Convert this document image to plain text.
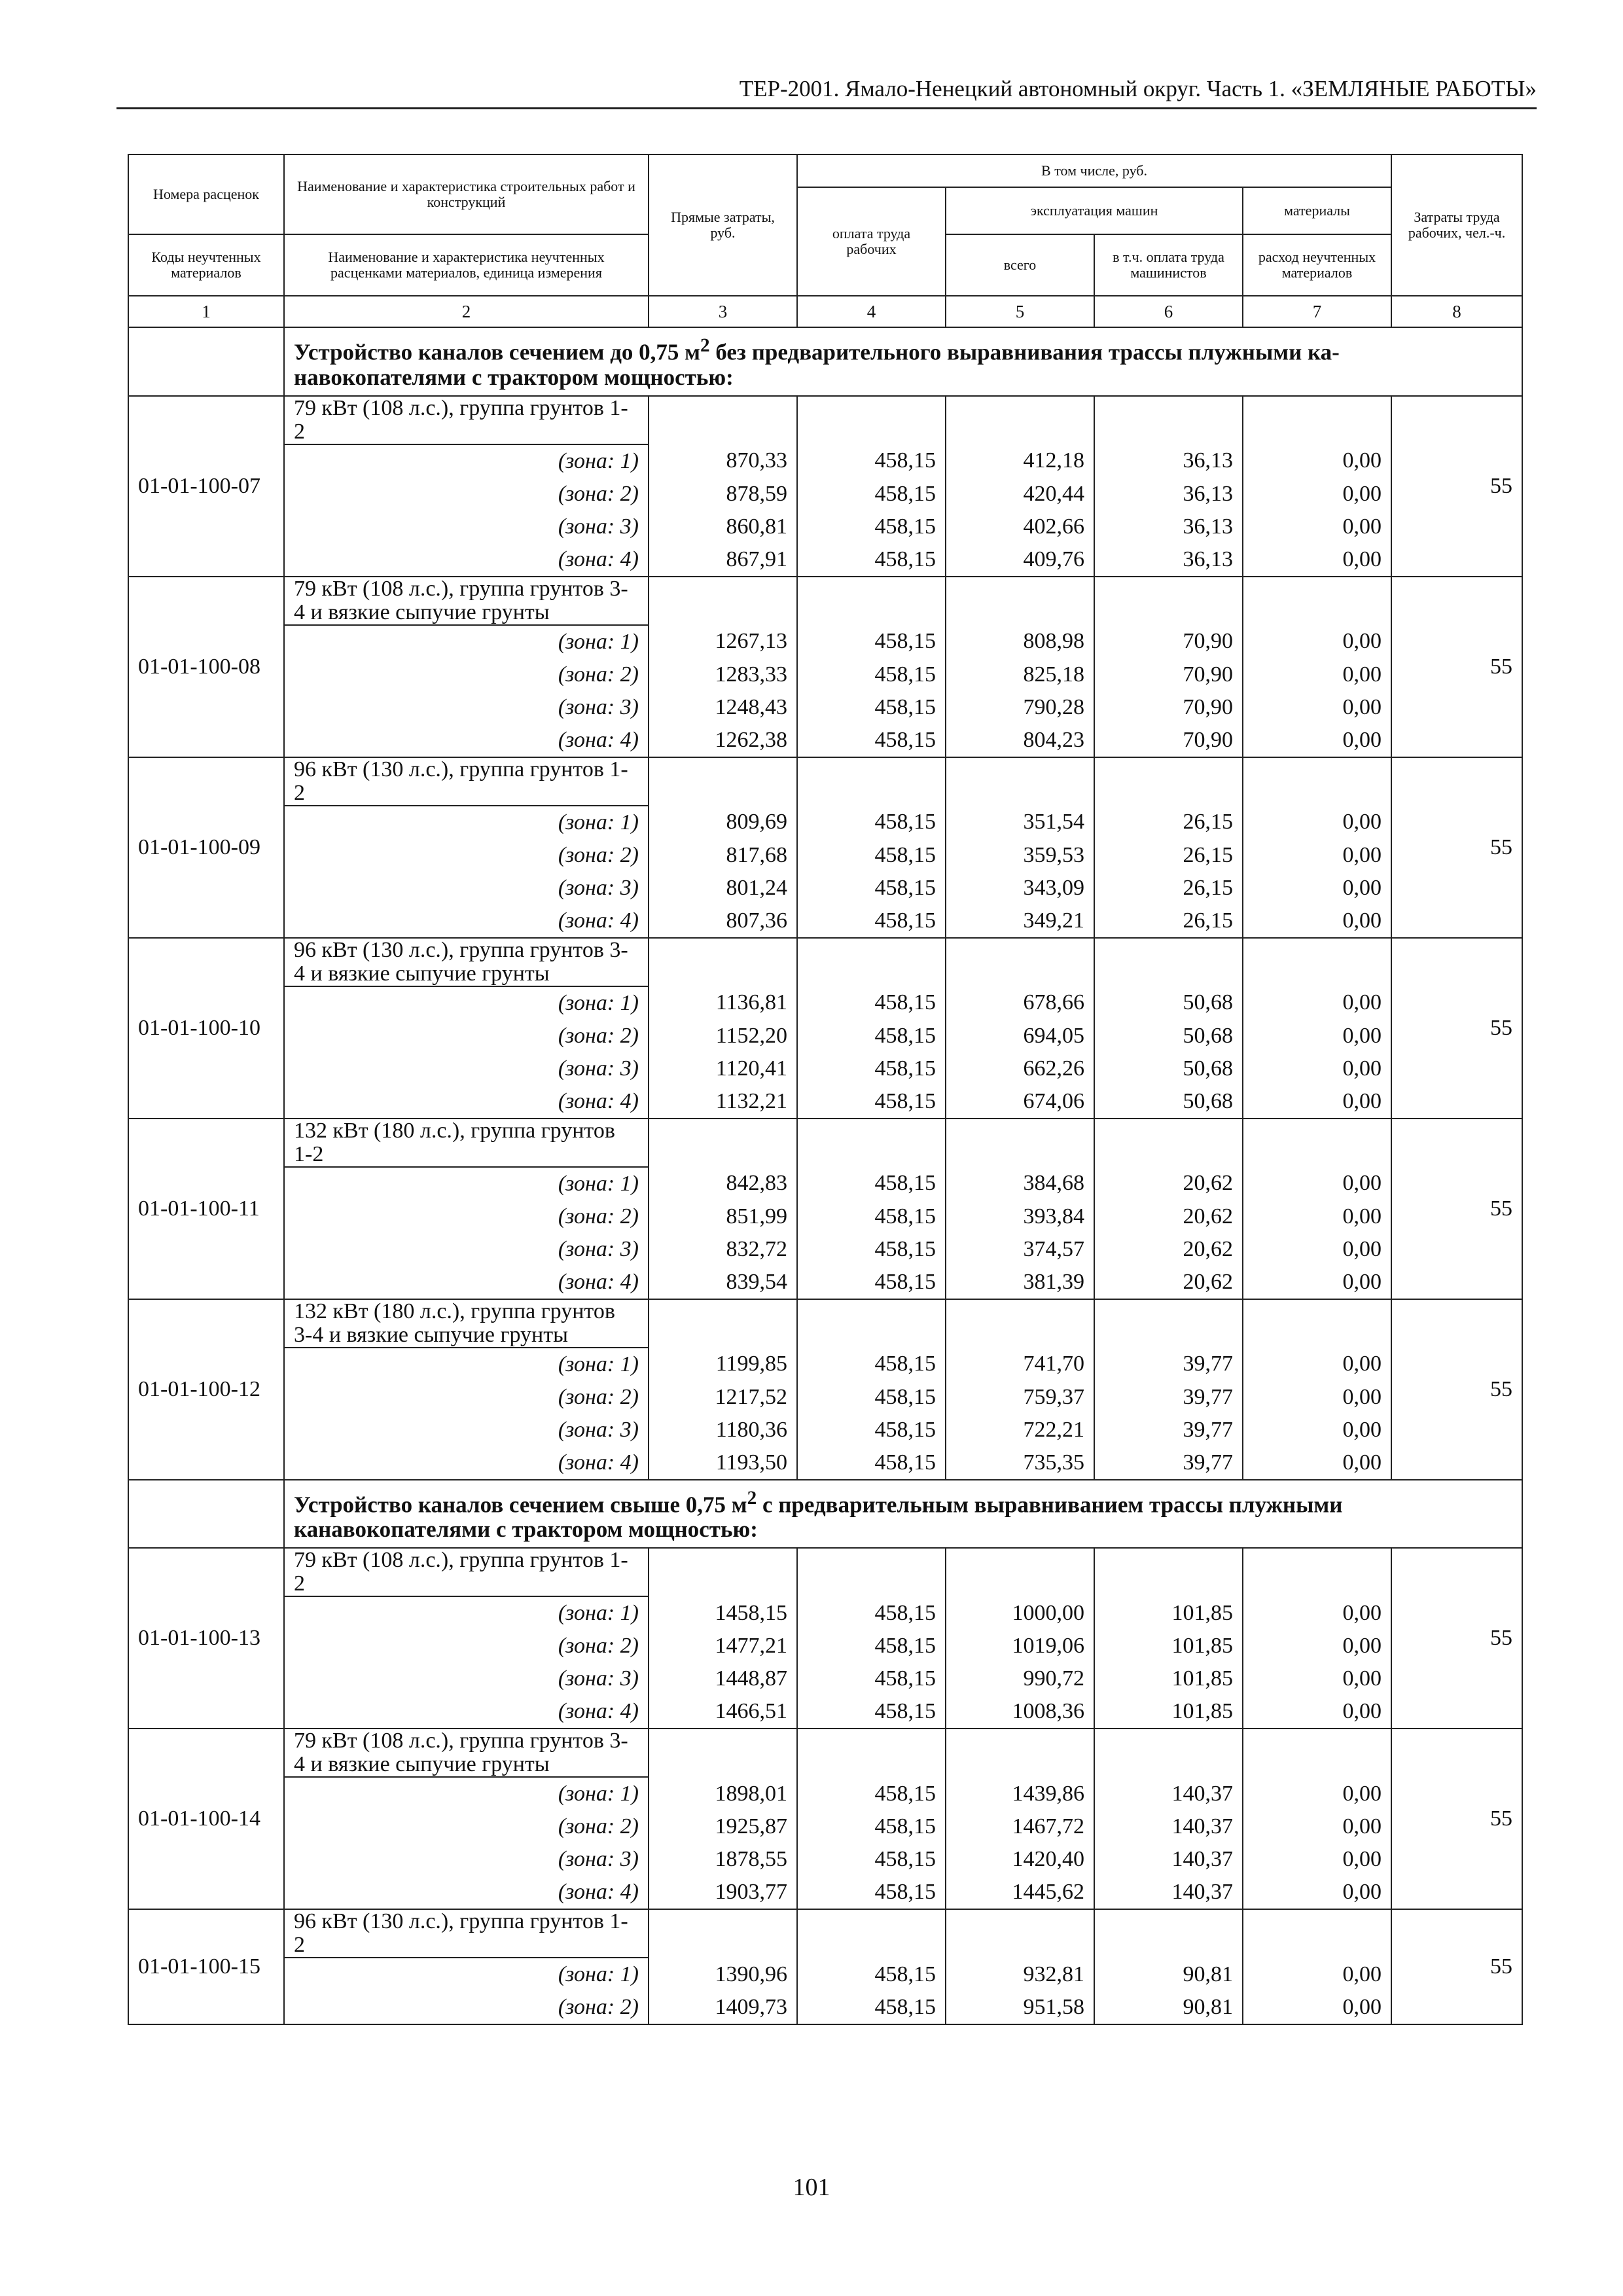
ТЕР-2001. Ямало-Ненецкий автономный округ. Часть 1. «ЗЕМЛЯНЫЕ РАБОТЫ»
Номера расценок	Наименование и характеристика строительных работ и конструкций	Прямые затраты, руб.	В том числе, руб.				Затраты труда рабочих, чел.-ч.
			оплата труда рабочих	эксплуатация машин		материалы	
Коды неучтенных материалов	Наименование и характеристика неучтенных расценками материалов, единица измерения			всего	в т.ч. оплата труда машинистов	расход неучтенных материалов	
1	2	3	4	5	6	7	8
	Устройство каналов сечением до 0,75 $м^2$ без предварительного выравнивания трассы плужными ка- навокопателями с трактором мощностью:						
01-01-100-07	79 кВт (108 л.с.), группа грунтов 1-2						55
	(зона: 1)	870,33	458,15	412,18	36,13	0,00	
	(зона: 2)	878,59	458,15	420,44	36,13	0,00	
	(зона: 3)	860,81	458,15	402,66	36,13	0,00	
	(зона: 4)	867,91	458,15	409,76	36,13	0,00	
01-01-100-08	79 кВт (108 л.с.), группа грунтов 3-4 и вязкие сыпучие грунты						55
	(зона: 1)	1267,13	458,15	808,98	70,90	0,00	
	(зона: 2)	1283,33	458,15	825,18	70,90	0,00	
	(зона: 3)	1248,43	458,15	790,28	70,90	0,00	
	(зона: 4)	1262,38	458,15	804,23	70,90	0,00	
01-01-100-09	96 кВт (130 л.с.), группа грунтов 1-2						55
	(зона: 1)	809,69	458,15	351,54	26,15	0,00	
	(зона: 2)	817,68	458,15	359,53	26,15	0,00	
	(зона: 3)	801,24	458,15	343,09	26,15	0,00	
	(зона: 4)	807,36	458,15	349,21	26,15	0,00	
01-01-100-10	96 кВт (130 л.с.), группа грунтов 3-4 и вязкие сыпучие грунты						55
	(зона: 1)	1136,81	458,15	678,66	50,68	0,00	
	(зона: 2)	1152,20	458,15	694,05	50,68	0,00	
	(зона: 3)	1120,41	458,15	662,26	50,68	0,00	
	(зона: 4)	1132,21	458,15	674,06	50,68	0,00	
01-01-100-11	132 кВт (180 л.с.), группа грунтов 1-2						55
	(зона: 1)	842,83	458,15	384,68	20,62	0,00	
	(зона: 2)	851,99	458,15	393,84	20,62	0,00	
	(зона: 3)	832,72	458,15	374,57	20,62	0,00	
	(зона: 4)	839,54	458,15	381,39	20,62	0,00	
01-01-100-12	132 кВт (180 л.с.), группа грунтов 3-4 и вязкие сыпучие грунты						55
	(зона: 1)	1199,85	458,15	741,70	39,77	0,00	
	(зона: 2)	1217,52	458,15	759,37	39,77	0,00	
	(зона: 3)	1180,36	458,15	722,21	39,77	0,00	
	(зона: 4)	1193,50	458,15	735,35	39,77	0,00	
	Устройство каналов сечением свыше 0,75 $м^2$ с предварительным выравниванием трассы плужными канавокопателями с трактором мощностью:						
01-01-100-13	79 кВт (108 л.с.), группа грунтов 1-2						55
	(зона: 1)	1458,15	458,15	1000,00	101,85	0,00	
	(зона: 2)	1477,21	458,15	1019,06	101,85	0,00	
	(зона: 3)	1448,87	458,15	990,72	101,85	0,00	
	(зона: 4)	1466,51	458,15	1008,36	101,85	0,00	
01-01-100-14	79 кВт (108 л.с.), группа грунтов 3-4 и вязкие сыпучие грунты						55
	(зона: 1)	1898,01	458,15	1439,86	140,37	0,00	
	(зона: 2)	1925,87	458,15	1467,72	140,37	0,00	
	(зона: 3)	1878,55	458,15	1420,40	140,37	0,00	
	(зона: 4)	1903,77	458,15	1445,62	140,37	0,00	
01-01-100-15	96 кВт (130 л.с.), группа грунтов 1-2						55
	(зона: 1)	1390,96	458,15	932,81	90,81	0,00	
	(зона: 2)	1409,73	458,15	951,58	90,81	0,00	
101
